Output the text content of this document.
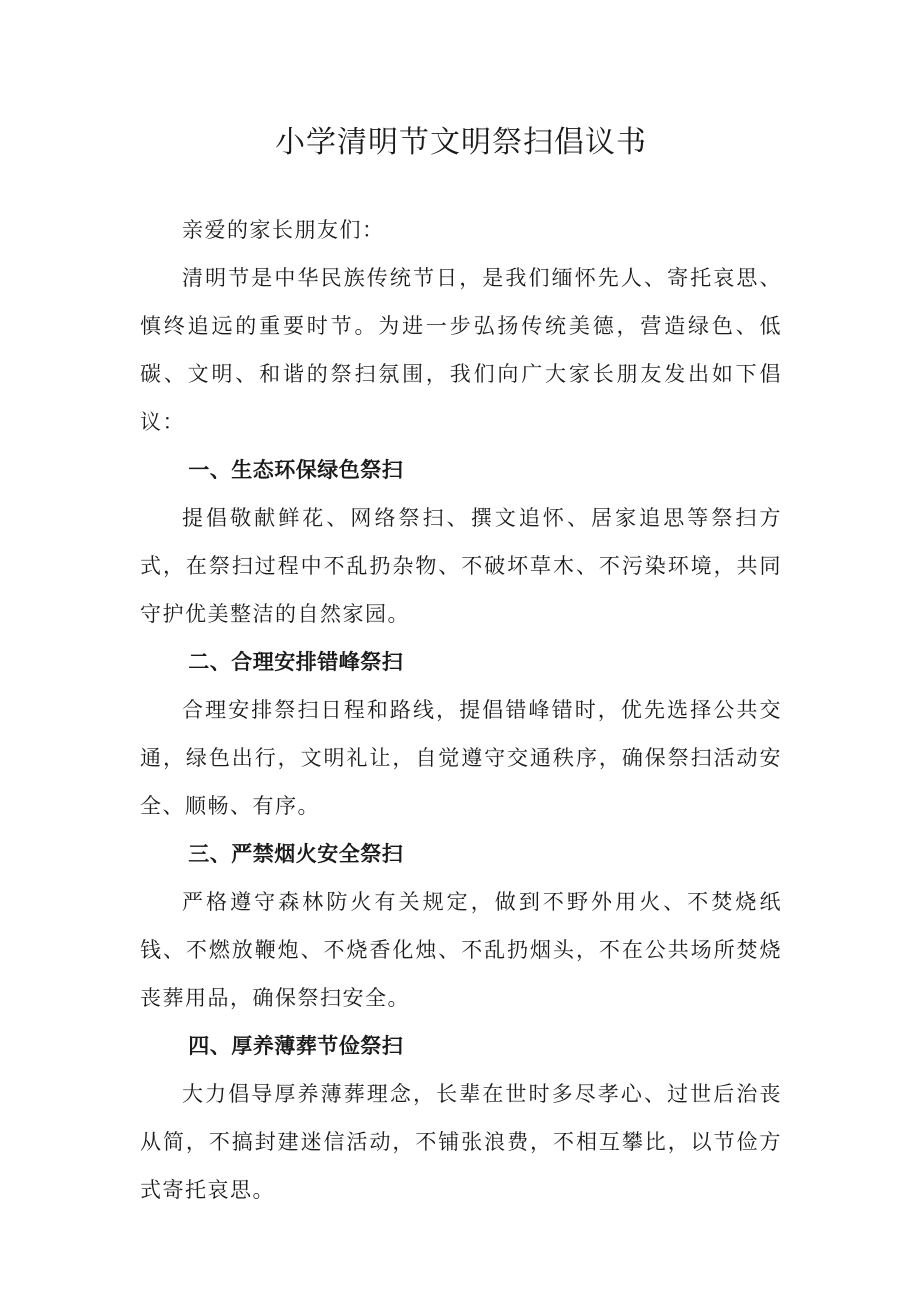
小学清明节文明祭扫倡议书

亲爱的家长朋友们：

清明节是中华民族传统节日，是我们缅怀先人、寄托哀思、慎终追远的重要时节。为进一步弘扬传统美德，营造绿色、低碳、文明、和谐的祭扫氛围，我们向广大家长朋友发出如下倡议：

一、生态环保绿色祭扫

提倡敬献鲜花、网络祭扫、撰文追怀、居家追思等祭扫方式，在祭扫过程中不乱扔杂物、不破坏草木、不污染环境，共同守护优美整洁的自然家园。

二、合理安排错峰祭扫

合理安排祭扫日程和路线，提倡错峰错时，优先选择公共交通，绿色出行，文明礼让，自觉遵守交通秩序，确保祭扫活动安全、顺畅、有序。

三、严禁烟火安全祭扫

严格遵守森林防火有关规定，做到不野外用火、不焚烧纸钱、不燃放鞭炮、不烧香化烛、不乱扔烟头，不在公共场所焚烧丧葬用品，确保祭扫安全。

四、厚养薄葬节俭祭扫

大力倡导厚养薄葬理念，长辈在世时多尽孝心、过世后治丧从简，不搞封建迷信活动，不铺张浪费，不相互攀比，以节俭方式寄托哀思。
